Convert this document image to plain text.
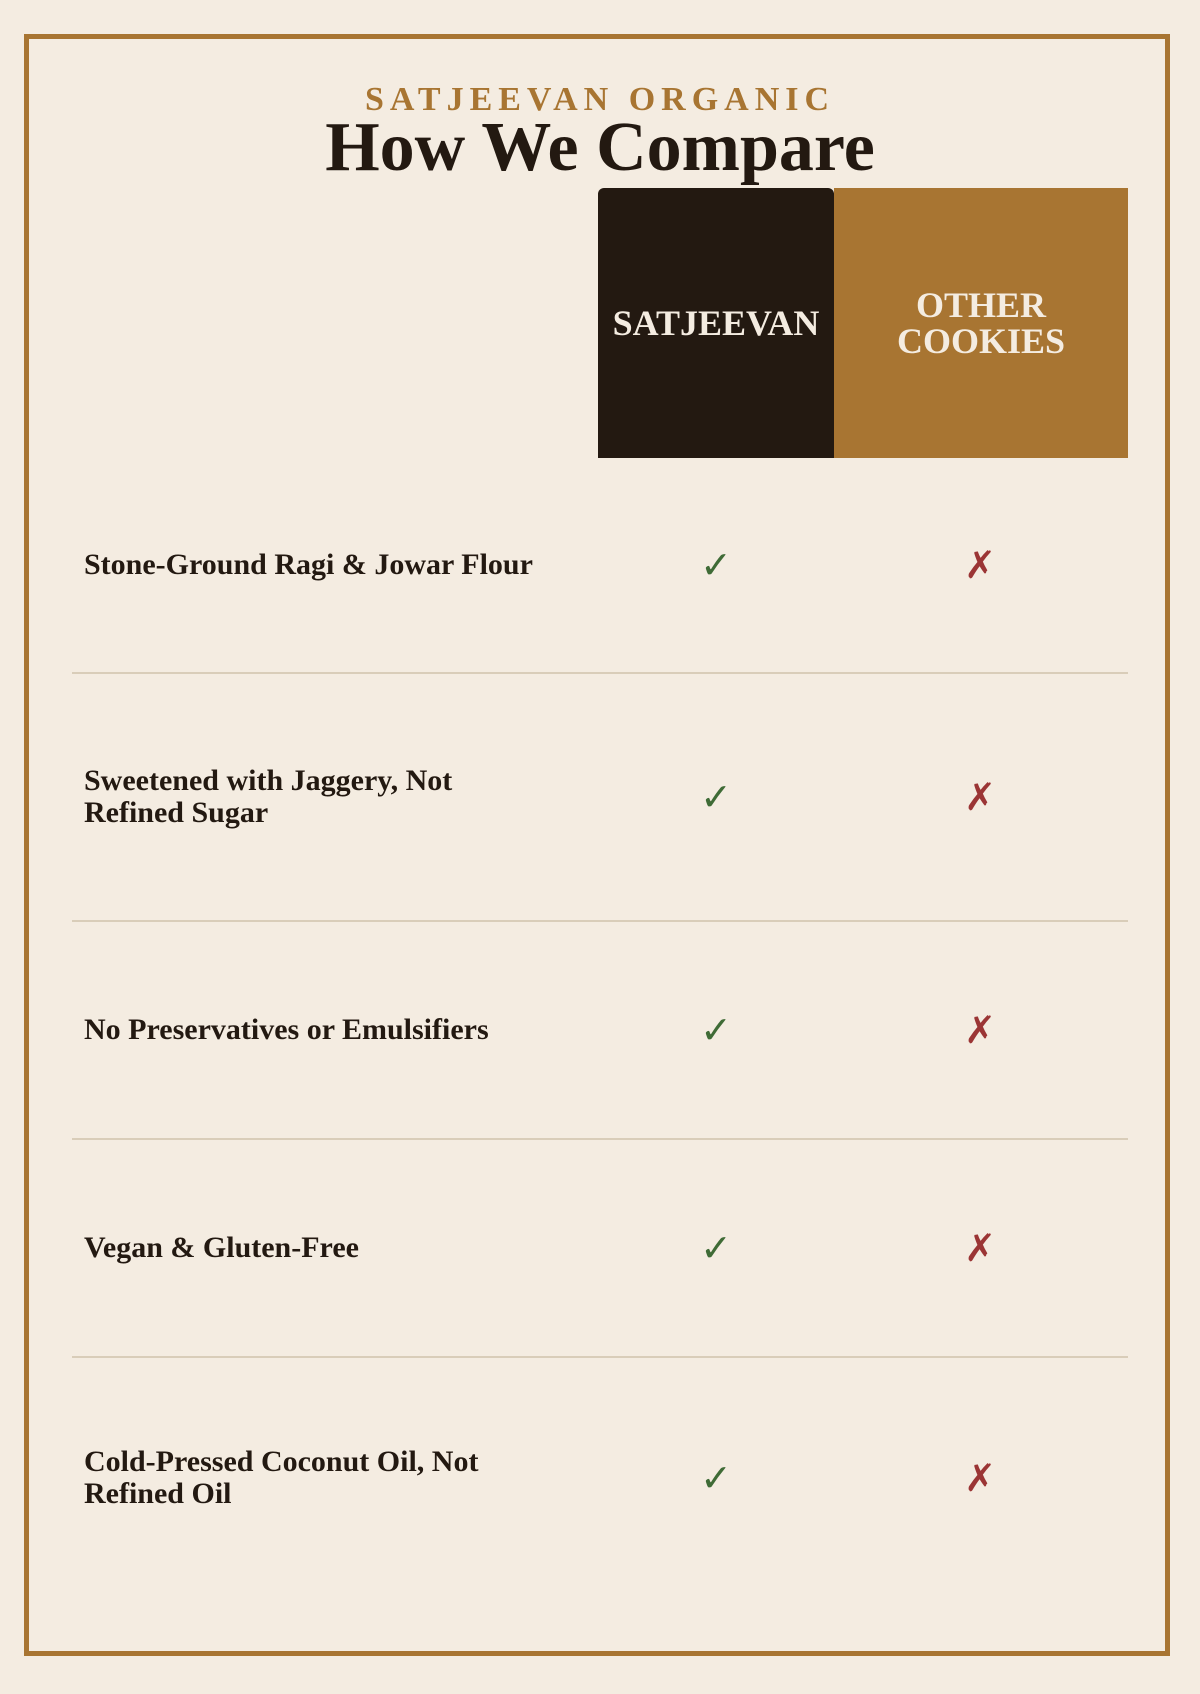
SATJEEVAN ORGANIC
How We Compare
SATJEEVAN	OTHER
COOKIES
Stone-Ground Ragi & Jowar Flour	✓	✗
Sweetened with Jaggery, Not
Refined Sugar	✓	✗
No Preservatives or Emulsifiers	✓	✗
Vegan & Gluten-Free	✓	✗
Cold-Pressed Coconut Oil, Not
Refined Oil	✓	✗
